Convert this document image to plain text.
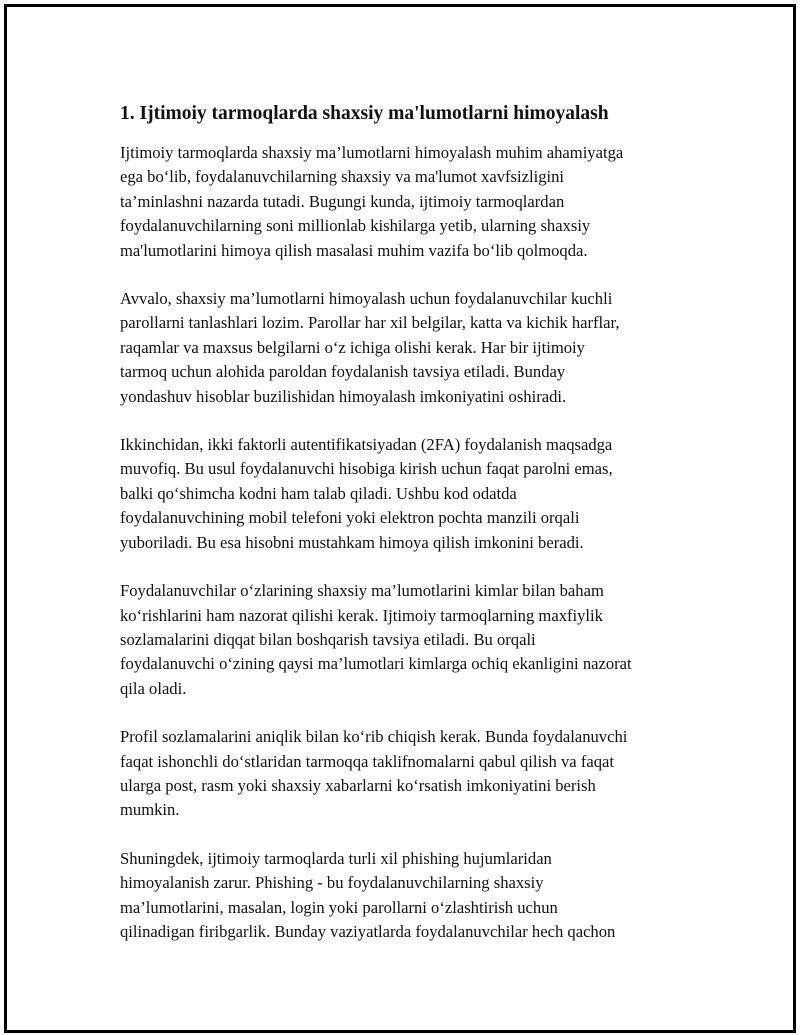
1. Ijtimoiy tarmoqlarda shaxsiy ma'lumotlarni himoyalash

Ijtimoiy tarmoqlarda shaxsiy ma’lumotlarni himoyalash muhim ahamiyatga
ega bo‘lib, foydalanuvchilarning shaxsiy va ma'lumot xavfsizligini
ta’minlashni nazarda tutadi. Bugungi kunda, ijtimoiy tarmoqlardan
foydalanuvchilarning soni millionlab kishilarga yetib, ularning shaxsiy
ma'lumotlarini himoya qilish masalasi muhim vazifa bo‘lib qolmoqda.

Avvalo, shaxsiy ma’lumotlarni himoyalash uchun foydalanuvchilar kuchli
parollarni tanlashlari lozim. Parollar har xil belgilar, katta va kichik harflar,
raqamlar va maxsus belgilarni o‘z ichiga olishi kerak. Har bir ijtimoiy
tarmoq uchun alohida paroldan foydalanish tavsiya etiladi. Bunday
yondashuv hisoblar buzilishidan himoyalash imkoniyatini oshiradi.

Ikkinchidan, ikki faktorli autentifikatsiyadan (2FA) foydalanish maqsadga
muvofiq. Bu usul foydalanuvchi hisobiga kirish uchun faqat parolni emas,
balki qo‘shimcha kodni ham talab qiladi. Ushbu kod odatda
foydalanuvchining mobil telefoni yoki elektron pochta manzili orqali
yuboriladi. Bu esa hisobni mustahkam himoya qilish imkonini beradi.

Foydalanuvchilar o‘zlarining shaxsiy ma’lumotlarini kimlar bilan baham
ko‘rishlarini ham nazorat qilishi kerak. Ijtimoiy tarmoqlarning maxfiylik
sozlamalarini diqqat bilan boshqarish tavsiya etiladi. Bu orqali
foydalanuvchi o‘zining qaysi ma’lumotlari kimlarga ochiq ekanligini nazorat
qila oladi.

Profil sozlamalarini aniqlik bilan ko‘rib chiqish kerak. Bunda foydalanuvchi
faqat ishonchli do‘stlaridan tarmoqqa taklifnomalarni qabul qilish va faqat
ularga post, rasm yoki shaxsiy xabarlarni ko‘rsatish imkoniyatini berish
mumkin.

Shuningdek, ijtimoiy tarmoqlarda turli xil phishing hujumlaridan
himoyalanish zarur. Phishing - bu foydalanuvchilarning shaxsiy
ma’lumotlarini, masalan, login yoki parollarni o‘zlashtirish uchun
qilinadigan firibgarlik. Bunday vaziyatlarda foydalanuvchilar hech qachon
